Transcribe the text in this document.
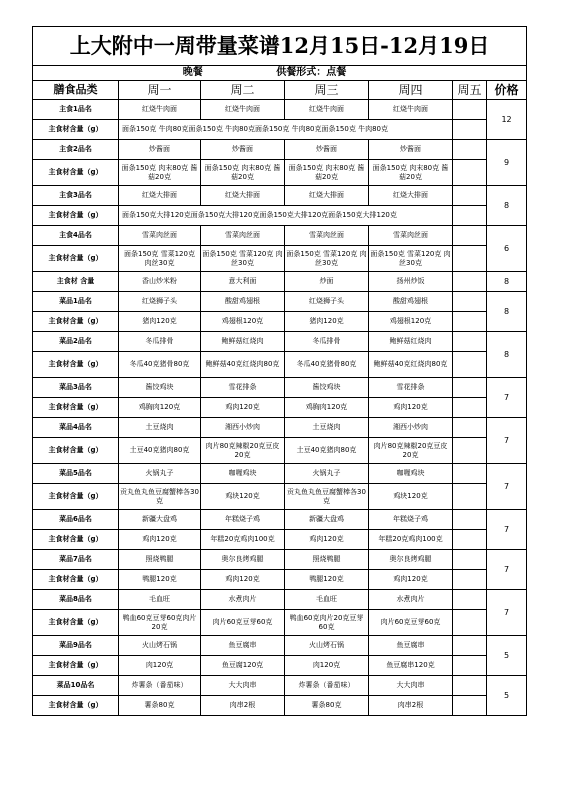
上大附中一周带量菜谱12月15日-12月19日						
晚餐 供餐形式：点餐						
膳食品类	周一	周二	周三	周四	周五	价格
主食1品名	红烧牛肉面	红烧牛肉面	红烧牛肉面	红烧牛肉面		12
主食材含量（g）	面条150克 牛肉80克面条150克 牛肉80克面条150克 牛肉80克面条150克 牛肉80克					
主食2品名	炒酱面	炒酱面	炒酱面	炒酱面		9
主食材含量（g）	面条150克 肉末80克 酱菇20克	面条150克 肉末80克 酱菇20克	面条150克 肉末80克 酱菇20克	面条150克 肉末80克 酱菇20克		
主食3品名	红烧大排面	红烧大排面	红烧大排面	红烧大排面		8
主食材含量（g）	面条150克大排120克面条150克大排120克面条150克大排120克面条150克大排120克					
主食4品名	雪菜肉丝面	雪菜肉丝面	雪菜肉丝面	雪菜肉丝面		6
主食材含量（g）	面条150克 雪菜120克 肉丝30克	面条150克 雪菜120克 肉丝30克	面条150克 雪菜120克 肉丝30克	面条150克 雪菜120克 肉丝30克		
主食材 含量	香山炒米粉	意大利面	炒面	扬州炒饭		8
菜品1品名	红烧狮子头	酸甜鸡翅根	红烧狮子头	酸甜鸡翅根		8
主食材含量（g）	猪肉120克	鸡翅根120克	猪肉120克	鸡翅根120克		
菜品2品名	冬瓜排骨	鲍鲜菇红烧肉	冬瓜排骨	鲍鲜菇红烧肉		8
主食材含量（g）	冬瓜40克猪骨80克	鲍鲜菇40克红烧肉80克	冬瓜40克猪骨80克	鲍鲜菇40克红烧肉80克		
菜品3品名	酱饺鸡块	雪花排条	酱饺鸡块	雪花排条		7
主食材含量（g）	鸡胸肉120克	鸡肉120克	鸡胸肉120克	鸡肉120克		
菜品4品名	土豆烧肉	湘西小炒肉	土豆烧肉	湘西小炒肉		7
主食材含量（g）	土豆40克猪肉80克	肉片80克辣椒20克豆皮20克	土豆40克猪肉80克	肉片80克辣椒20克豆皮20克		
菜品5品名	火锅丸子	咖喱鸡块	火锅丸子	咖喱鸡块		7
主食材含量（g）	贡丸鱼丸鱼豆腐蟹棒各30克	鸡块120克	贡丸鱼丸鱼豆腐蟹棒各30克	鸡块120克		
菜品6品名	新疆大盘鸡	年糕烧子鸡	新疆大盘鸡	年糕烧子鸡		7
主食材含量（g）	鸡肉120克	年糕20克鸡肉100克	鸡肉120克	年糕20克鸡肉100克		
菜品7品名	照烧鸭腿	奥尔良烤鸡腿	照烧鸭腿	奥尔良烤鸡腿		7
主食材含量（g）	鸭腿120克	鸡肉120克	鸭腿120克	鸡肉120克		
菜品8品名	毛血旺	水煮肉片	毛血旺	水煮肉片		7
主食材含量（g）	鸭血60克豆芽60克肉片20克	肉片60克豆芽60克	鸭血60克肉片20克豆芽60克	肉片60克豆芽60克		
菜品9品名	火山烤石锅	鱼豆腐串	火山烤石锅	鱼豆腐串		5
主食材含量（g）	肉120克	鱼豆腐120克	肉120克	鱼豆腐串120克		
菜品10品名	炸薯条（番茄味）	大大肉串	炸薯条（番茄味）	大大肉串		5
主食材含量（g）	薯条80克	肉串2根	薯条80克	肉串2根		
